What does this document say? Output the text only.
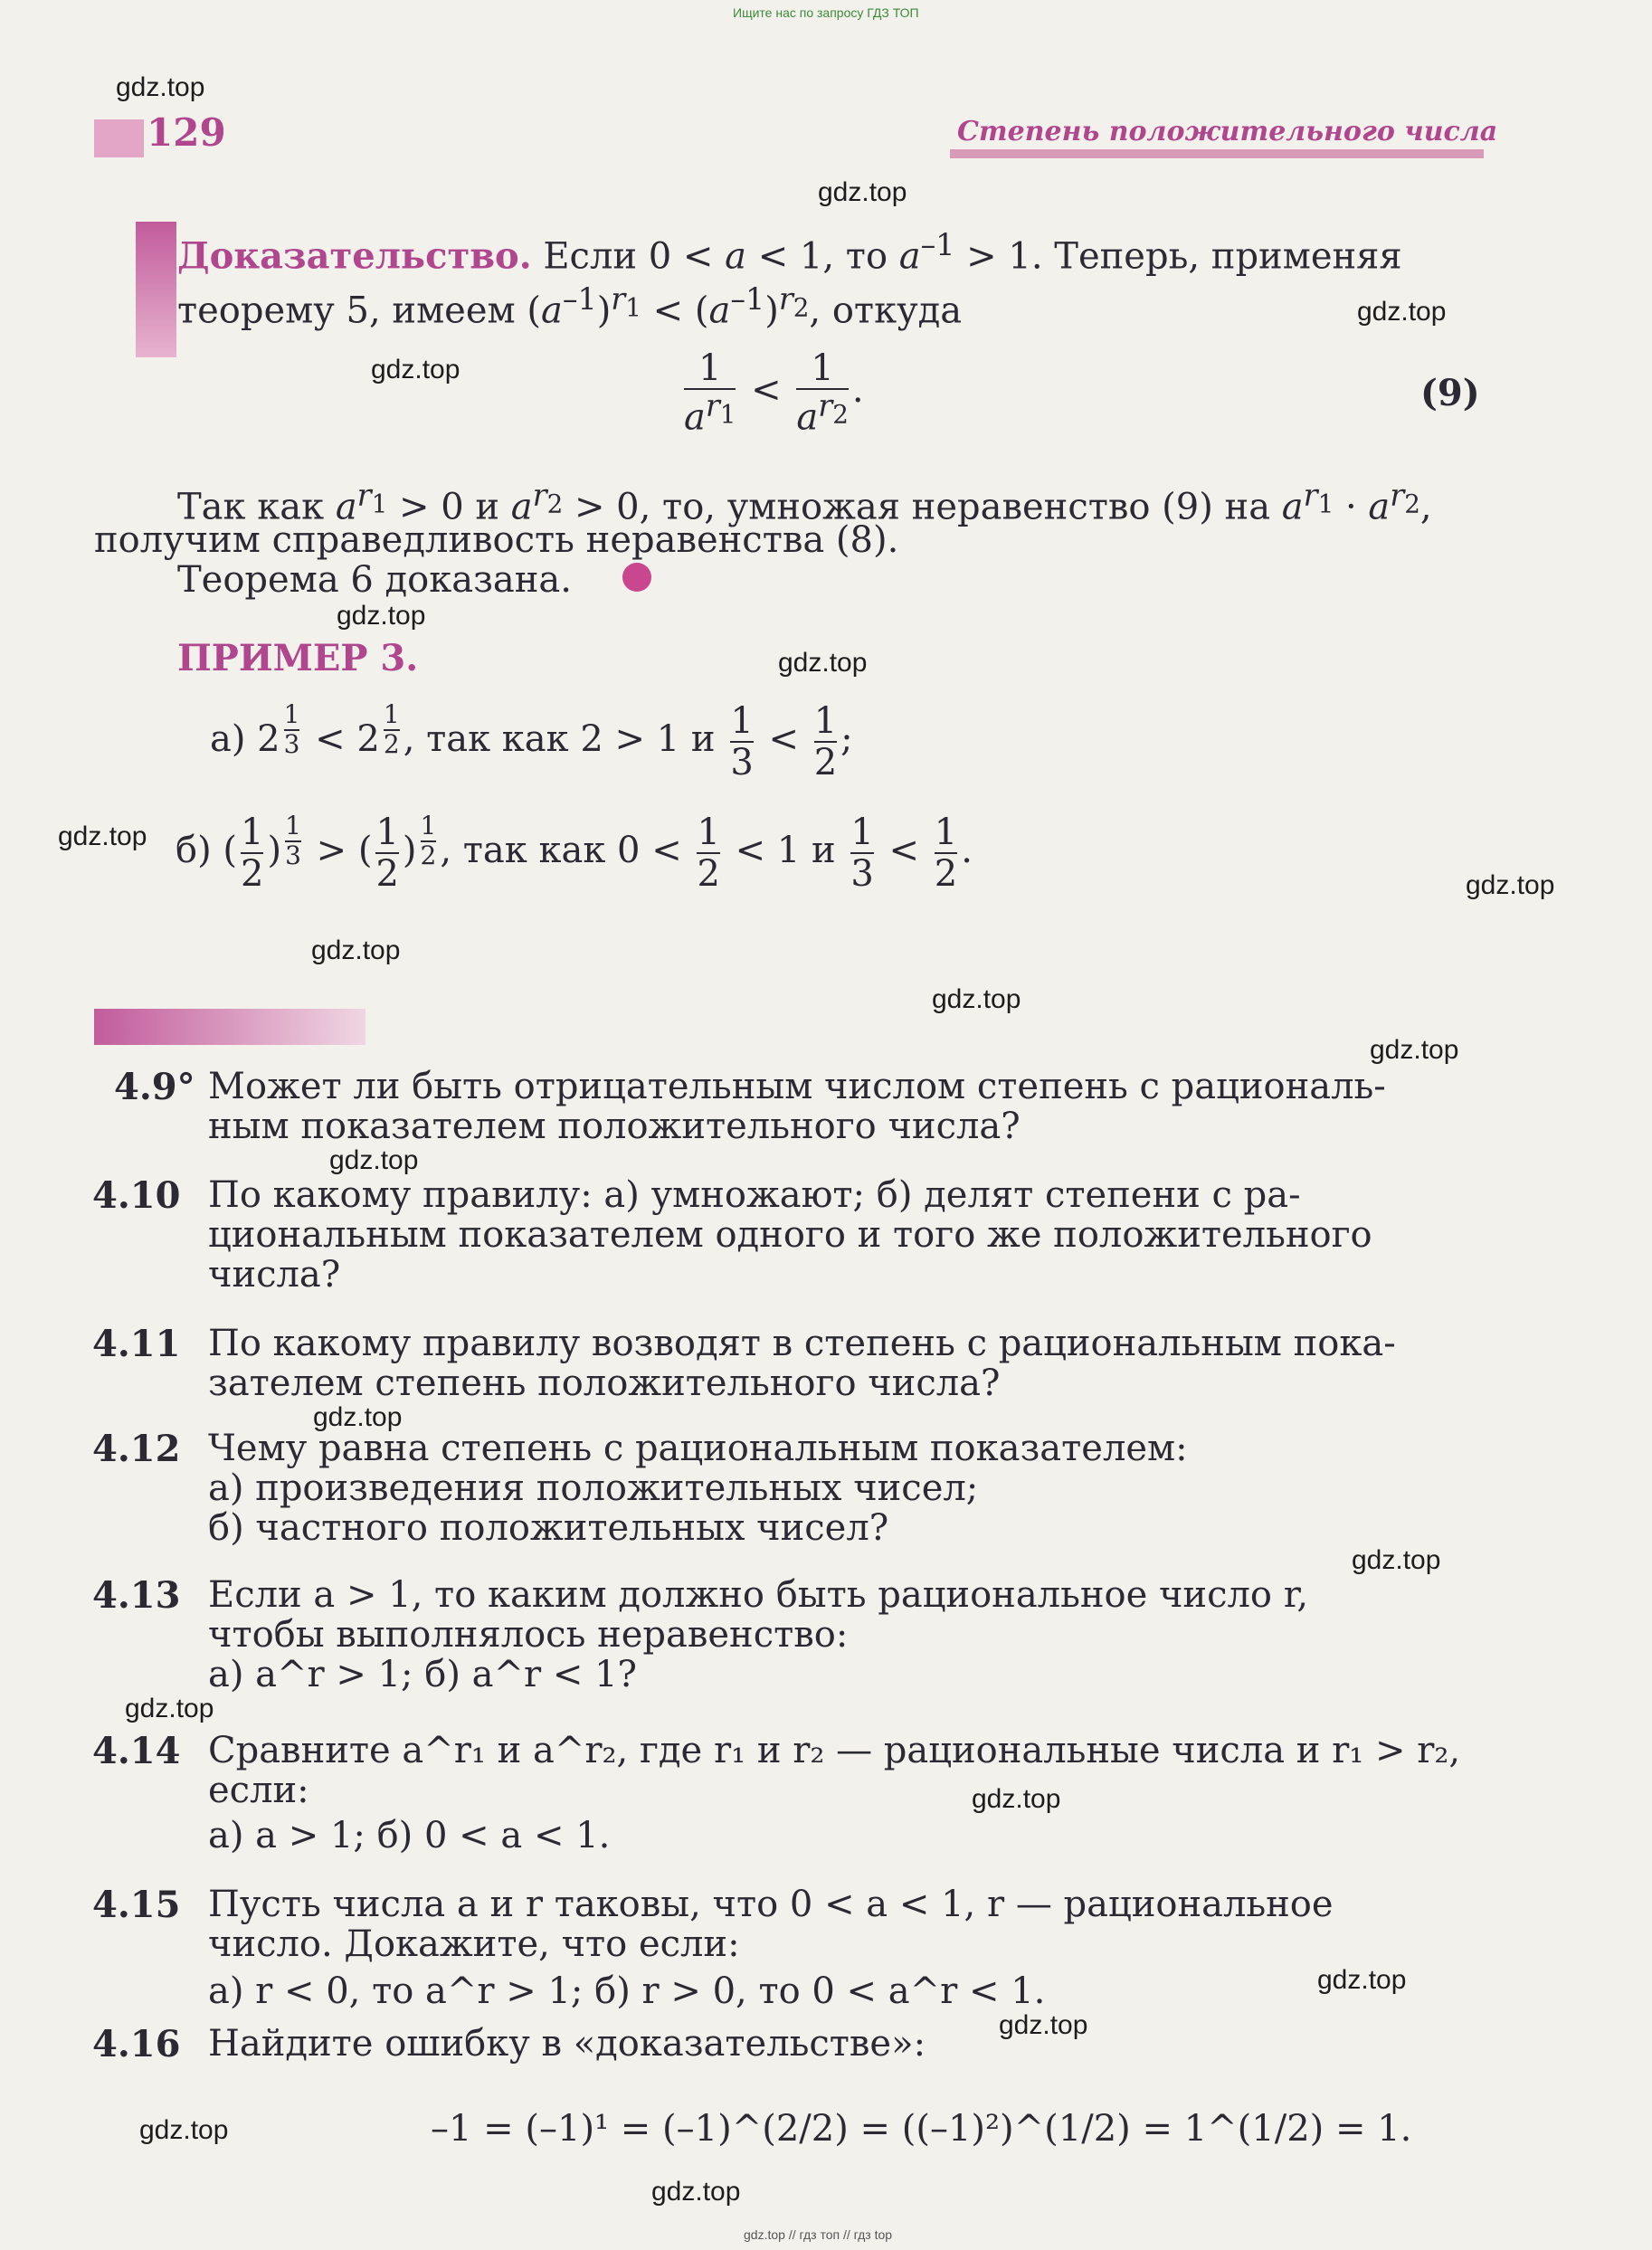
Ищите нас по запросу ГДЗ ТОП
gdz.top // гдз топ // гдз top
129	Степень положительного числа
Доказательство. Если 0 < a < 1, то $a^{-1} > 1$. Теперь, применяя
теорему 5, имеем $(a^{-1})^{r_1} < (a^{-1})^{r_2}$, откуда
$\frac{1}{a^{r_1}} < \frac{1}{a^{r_2}}$ .	(9)
Так как $a^{r_1} > 0$ и $a^{r_2} > 0$, то, умножая неравенство (9) на $a^{r_1} \cdot a^{r_2}$,
получим справедливость неравенства (8).
Теорема 6 доказана.
ПРИМЕР 3.
а) 2 $^{\frac{1}{3}}$ < 2 $^{\frac{1}{2}}$ , так как 2 > 1 и $\frac{1}{3} < \frac{1}{2}$ ;
б) ( $\frac{1}{2}$ ) $^{\frac{1}{3}}$ > ( $\frac{1}{2}$ ) $^{\frac{1}{2}}$ , так как $0 < \frac{1}{2} < 1$ и $\frac{1}{3} < \frac{1}{2}$ .
4.9° Может ли быть отрицательным числом степень с рациональ-
ным показателем положительного числа?
4.10 По какому правилу: а) умножают; б) делят степени с ра-
циональным показателем одного и того же положительного
числа?
4.11 По какому правилу возводят в степень с рациональным пока-
зателем степень положительного числа?
4.12 Чему равна степень с рациональным показателем:
а) произведения положительных чисел;
б) частного положительных чисел?
4.13 Если a > 1, то каким должно быть рациональное число r,
чтобы выполнялось неравенство:
а) a^r > 1; б) a^r < 1?
4.14 Сравните a^r₁ и a^r₂, где r₁ и r₂ — рациональные числа и r₁ > r₂,
если:
а) a > 1; б) 0 < a < 1.
4.15 Пусть числа a и r таковы, что 0 < a < 1, r — рациональное
число. Докажите, что если:
а) r < 0, то a^r > 1; б) r > 0, то 0 < a^r < 1.
4.16 Найдите ошибку в «доказательстве»:
–1 = (–1)¹ = (–1)^(2/2) = ((–1)²)^(1/2) = 1^(1/2) = 1.
gdz.top
gdz.top
gdz.top
gdz.top
gdz.top
gdz.top
gdz.top
gdz.top
gdz.top
gdz.top
gdz.top
gdz.top
gdz.top
gdz.top
gdz.top
gdz.top
gdz.top
gdz.top
gdz.top
gdz.top
